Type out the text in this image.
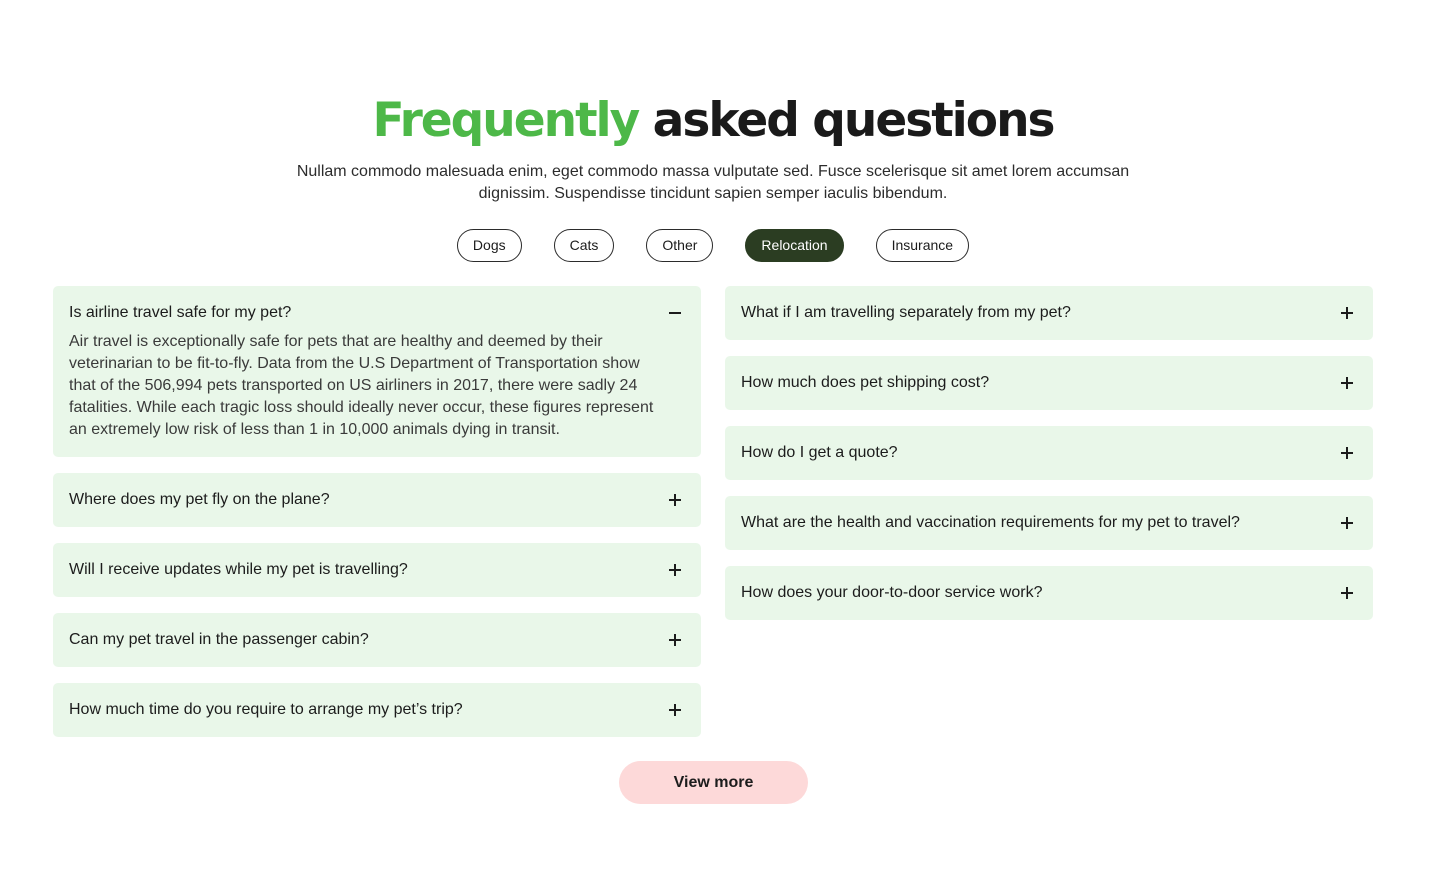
Frequently asked questions

Nullam commodo malesuada enim, eget commodo massa vulputate sed. Fusce scelerisque sit amet lorem accumsan dignissim. Suspendisse tincidunt sapien semper iaculis bibendum.

Dogs	Cats	Other	Relocation	Insurance
Is airline travel safe for my pet?
Air travel is exceptionally safe for pets that are healthy and deemed by their veterinarian to be fit-to-fly. Data from the U.S Department of Transportation show that of the 506,994 pets transported on US airliners in 2017, there were sadly 24 fatalities. While each tragic loss should ideally never occur, these figures represent an extremely low risk of less than 1 in 10,000 animals dying in transit.
Where does my pet fly on the plane?
Will I receive updates while my pet is travelling?
Can my pet travel in the passenger cabin?
How much time do you require to arrange my pet’s trip?
What if I am travelling separately from my pet?
How much does pet shipping cost?
How do I get a quote?
What are the health and vaccination requirements for my pet to travel?
How does your door-to-door service work?
View more
